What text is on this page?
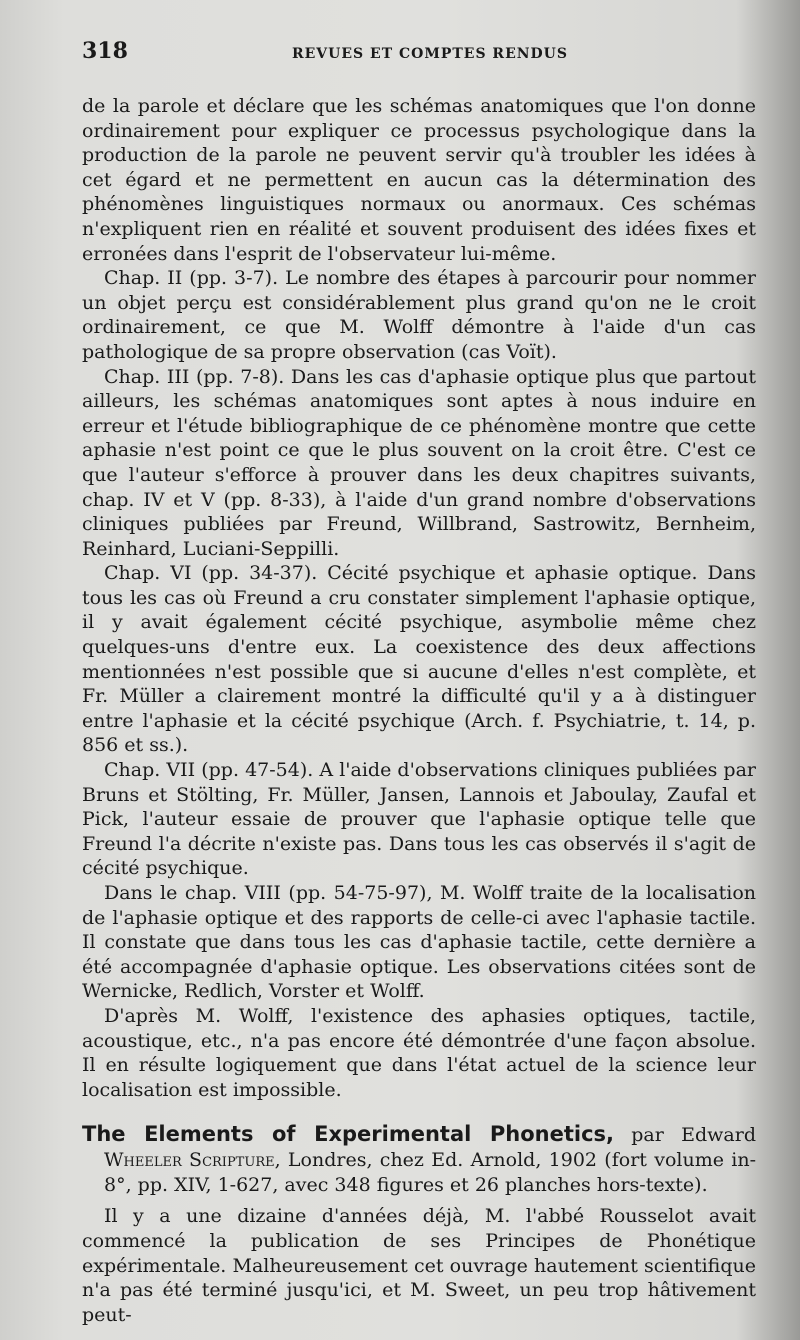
318	REVUES ET COMPTES RENDUS

de la parole et déclare que les schémas anatomiques que l'on donne ordinairement pour expliquer ce processus psychologique dans la production de la parole ne peuvent servir qu'à troubler les idées à cet égard et ne permettent en aucun cas la détermination des phénomènes linguistiques normaux ou anormaux. Ces schémas n'expliquent rien en réalité et souvent produisent des idées fixes et erronées dans l'esprit de l'observateur lui-même.

Chap. II (pp. 3-7). Le nombre des étapes à parcourir pour nommer un objet perçu est considérablement plus grand qu'on ne le croit ordinairement, ce que M. Wolff démontre à l'aide d'un cas pathologique de sa propre observation (cas Voït).

Chap. III (pp. 7-8). Dans les cas d'aphasie optique plus que partout ailleurs, les schémas anatomiques sont aptes à nous induire en erreur et l'étude bibliographique de ce phénomène montre que cette aphasie n'est point ce que le plus souvent on la croit être. C'est ce que l'auteur s'efforce à prouver dans les deux chapitres suivants, chap. IV et V (pp. 8-33), à l'aide d'un grand nombre d'observations cliniques publiées par Freund, Willbrand, Sastrowitz, Bernheim, Reinhard, Luciani-Seppilli.

Chap. VI (pp. 34-37). Cécité psychique et aphasie optique. Dans tous les cas où Freund a cru constater simplement l'aphasie optique, il y avait également cécité psychique, asymbolie même chez quelques-uns d'entre eux. La coexistence des deux affections mentionnées n'est possible que si aucune d'elles n'est complète, et Fr. Müller a clairement montré la difficulté qu'il y a à distinguer entre l'aphasie et la cécité psychique (Arch. f. Psychiatrie, t. 14, p. 856 et ss.).

Chap. VII (pp. 47-54). A l'aide d'observations cliniques publiées par Bruns et Stölting, Fr. Müller, Jansen, Lannois et Jaboulay, Zaufal et Pick, l'auteur essaie de prouver que l'aphasie optique telle que Freund l'a décrite n'existe pas. Dans tous les cas observés il s'agit de cécité psychique.

Dans le chap. VIII (pp. 54-75-97), M. Wolff traite de la localisation de l'aphasie optique et des rapports de celle-ci avec l'aphasie tactile. Il constate que dans tous les cas d'aphasie tactile, cette dernière a été accompagnée d'aphasie optique. Les observations citées sont de Wernicke, Redlich, Vorster et Wolff.

D'après M. Wolff, l'existence des aphasies optiques, tactile, acoustique, etc., n'a pas encore été démontrée d'une façon absolue. Il en résulte logiquement que dans l'état actuel de la science leur localisation est impossible.

The Elements of Experimental Phonetics, par Edward Wheeler Scripture, Londres, chez Ed. Arnold, 1902 (fort volume in-8°, pp. XIV, 1-627, avec 348 figures et 26 planches hors-texte).

Il y a une dizaine d'années déjà, M. l'abbé Rousselot avait commencé la publication de ses Principes de Phonétique expérimentale. Malheureusement cet ouvrage hautement scientifique n'a pas été terminé jusqu'ici, et M. Sweet, un peu trop hâtivement peut-
